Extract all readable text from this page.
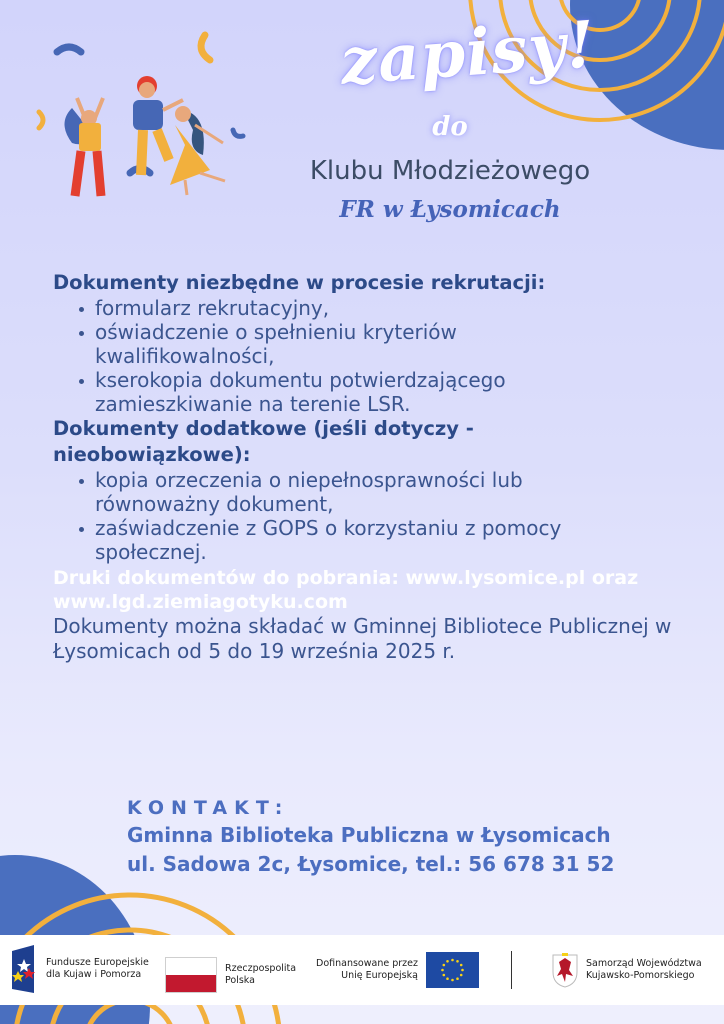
zapisy!
do
Klubu Młodzieżowego
FR w Łysomicach
Dokumenty niezbędne w procesie rekrutacji:
formularz rekrutacyjny,
oświadczenie o spełnieniu kryteriów kwalifikowalności,
kserokopia dokumentu potwierdzającego zamieszkiwanie na terenie LSR.
Dokumenty dodatkowe (jeśli dotyczy - nieobowiązkowe):
kopia orzeczenia o niepełnosprawności lub równoważny dokument,
zaświadczenie z GOPS o korzystaniu z pomocy społecznej.
Druki dokumentów do pobrania: www.lysomice.pl oraz www.lgd.ziemiagotyku.com
Dokumenty można składać w Gminnej Bibliotece Publicznej w Łysomicach od 5 do 19 września 2025 r.
KONTAKT:
Gminna Biblioteka Publiczna w Łysomicach
ul. Sadowa 2c, Łysomice, tel.: 56 678 31 52
Fundusze Europejskie
dla Kujaw i Pomorza
Rzeczpospolita
Polska
Dofinansowane przez
Unię Europejską
Samorząd Województwa
Kujawsko-Pomorskiego
